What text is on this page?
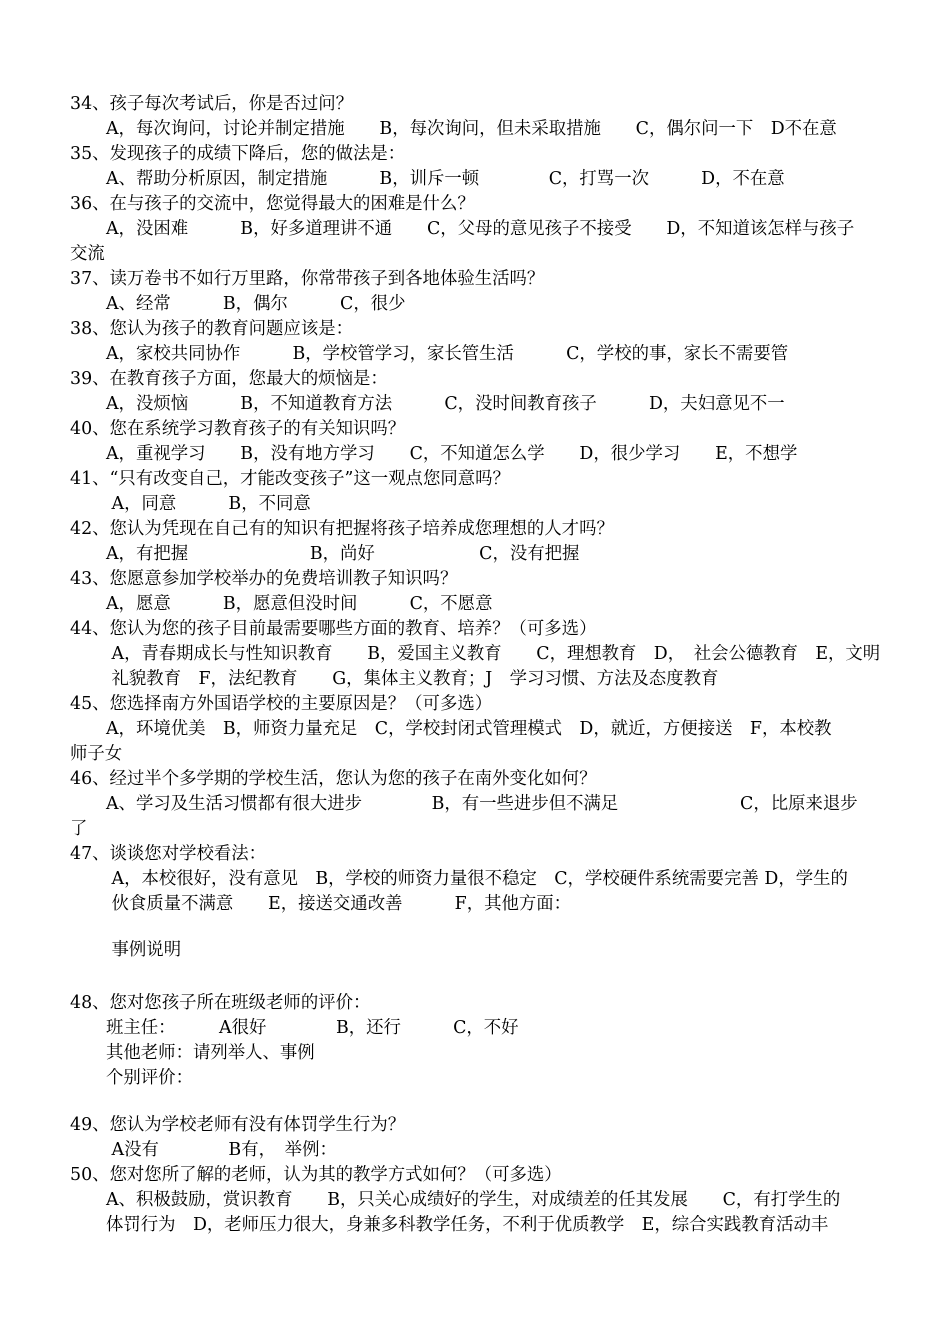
34、孩子每次考试后，你是否过问？
A，每次询问，讨论并制定措施　　B，每次询问，但未采取措施　　C，偶尔问一下　D不在意
35、发现孩子的成绩下降后，您的做法是：
A、帮助分析原因，制定措施　　　B，训斥一顿　　　　C，打骂一次　　　D，不在意
36、在与孩子的交流中，您觉得最大的困难是什么？
A，没困难　　　B，好多道理讲不通　　C，父母的意见孩子不接受　　D，不知道该怎样与孩子
交流
37、读万卷书不如行万里路，你常带孩子到各地体验生活吗？
A、经常　　　B，偶尔　　　C，很少
38、您认为孩子的教育问题应该是：
A，家校共同协作　　　B，学校管学习，家长管生活　　　C，学校的事，家长不需要管
39、在教育孩子方面，您最大的烦恼是：
A，没烦恼　　　B，不知道教育方法　　　C，没时间教育孩子　　　D，夫妇意见不一
40、您在系统学习教育孩子的有关知识吗？
A，重视学习　　B，没有地方学习　　C，不知道怎么学　　D，很少学习　　E，不想学
41、“只有改变自己，才能改变孩子”这一观点您同意吗？
A，同意　　　B，不同意
42、您认为凭现在自己有的知识有把握将孩子培养成您理想的人才吗？
A，有把握　　　　　　　B，尚好　　　　　　C，没有把握
43、您愿意参加学校举办的免费培训教子知识吗？
A，愿意　　　B，愿意但没时间　　　C，不愿意
44、您认为您的孩子目前最需要哪些方面的教育、培养？（可多选）
A，青春期成长与性知识教育　　B，爱国主义教育　　C，理想教育　D，　社会公德教育　E，文明
礼貌教育　F，法纪教育　　G，集体主义教育；J　学习习惯、方法及态度教育
45、您选择南方外国语学校的主要原因是？（可多选）
A，环境优美　B，师资力量充足　C，学校封闭式管理模式　D，就近，方便接送　F，本校教
师子女
46、经过半个多学期的学校生活，您认为您的孩子在南外变化如何？
A、学习及生活习惯都有很大进步　　　　B，有一些进步但不满足　　　　　　　C，比原来退步
了
47、谈谈您对学校看法：
A，本校很好，没有意见　B，学校的师资力量很不稳定　C，学校硬件系统需要完善 D，学生的
伙食质量不满意　　E，接送交通改善　　　F，其他方面：
事例说明
48、您对您孩子所在班级老师的评价：
班主任：　　　A很好　　　　B，还行　　　C，不好
其他老师：请列举人、事例
个别评价：
49、您认为学校老师有没有体罚学生行为？
A没有　　　　B有，　举例：
50、您对您所了解的老师，认为其的教学方式如何？（可多选）
A、积极鼓励，赏识教育　　B，只关心成绩好的学生，对成绩差的任其发展　　C，有打学生的
体罚行为　D，老师压力很大，身兼多科教学任务，不利于优质教学　E，综合实践教育活动丰
